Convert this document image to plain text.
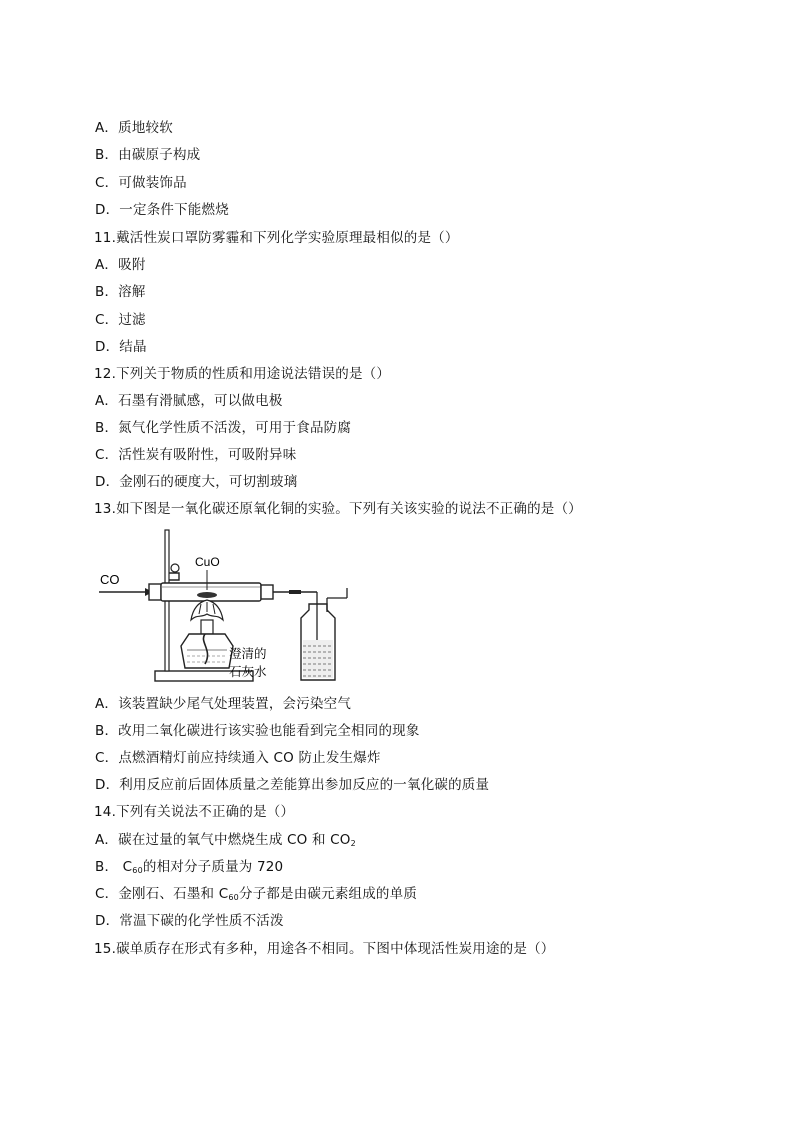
A．质地较软
B．由碳原子构成
C．可做装饰品
D．一定条件下能燃烧
11.戴活性炭口罩防雾霾和下列化学实验原理最相似的是（）
A．吸附
B．溶解
C．过滤
D．结晶
12.下列关于物质的性质和用途说法错误的是（）
A．石墨有滑腻感，可以做电极
B．氮气化学性质不活泼，可用于食品防腐
C．活性炭有吸附性，可吸附异味
D．金刚石的硬度大，可切割玻璃
13.如下图是一氧化碳还原氧化铜的实验。下列有关该实验的说法不正确的是（）
CO
CuO
澄清的
石灰水
A．该装置缺少尾气处理装置，会污染空气
B．改用二氧化碳进行该实验也能看到完全相同的现象
C．点燃酒精灯前应持续通入 CO 防止发生爆炸
D．利用反应前后固体质量之差能算出参加反应的一氧化碳的质量
14.下列有关说法不正确的是（）
A．碳在过量的氧气中燃烧生成 CO 和 $CO_2$
B． $C_{60}$的相对分子质量为 720
C．金刚石、石墨和 $C_{60}$分子都是由碳元素组成的单质
D．常温下碳的化学性质不活泼
15.碳单质存在形式有多种，用途各不相同。下图中体现活性炭用途的是（）
